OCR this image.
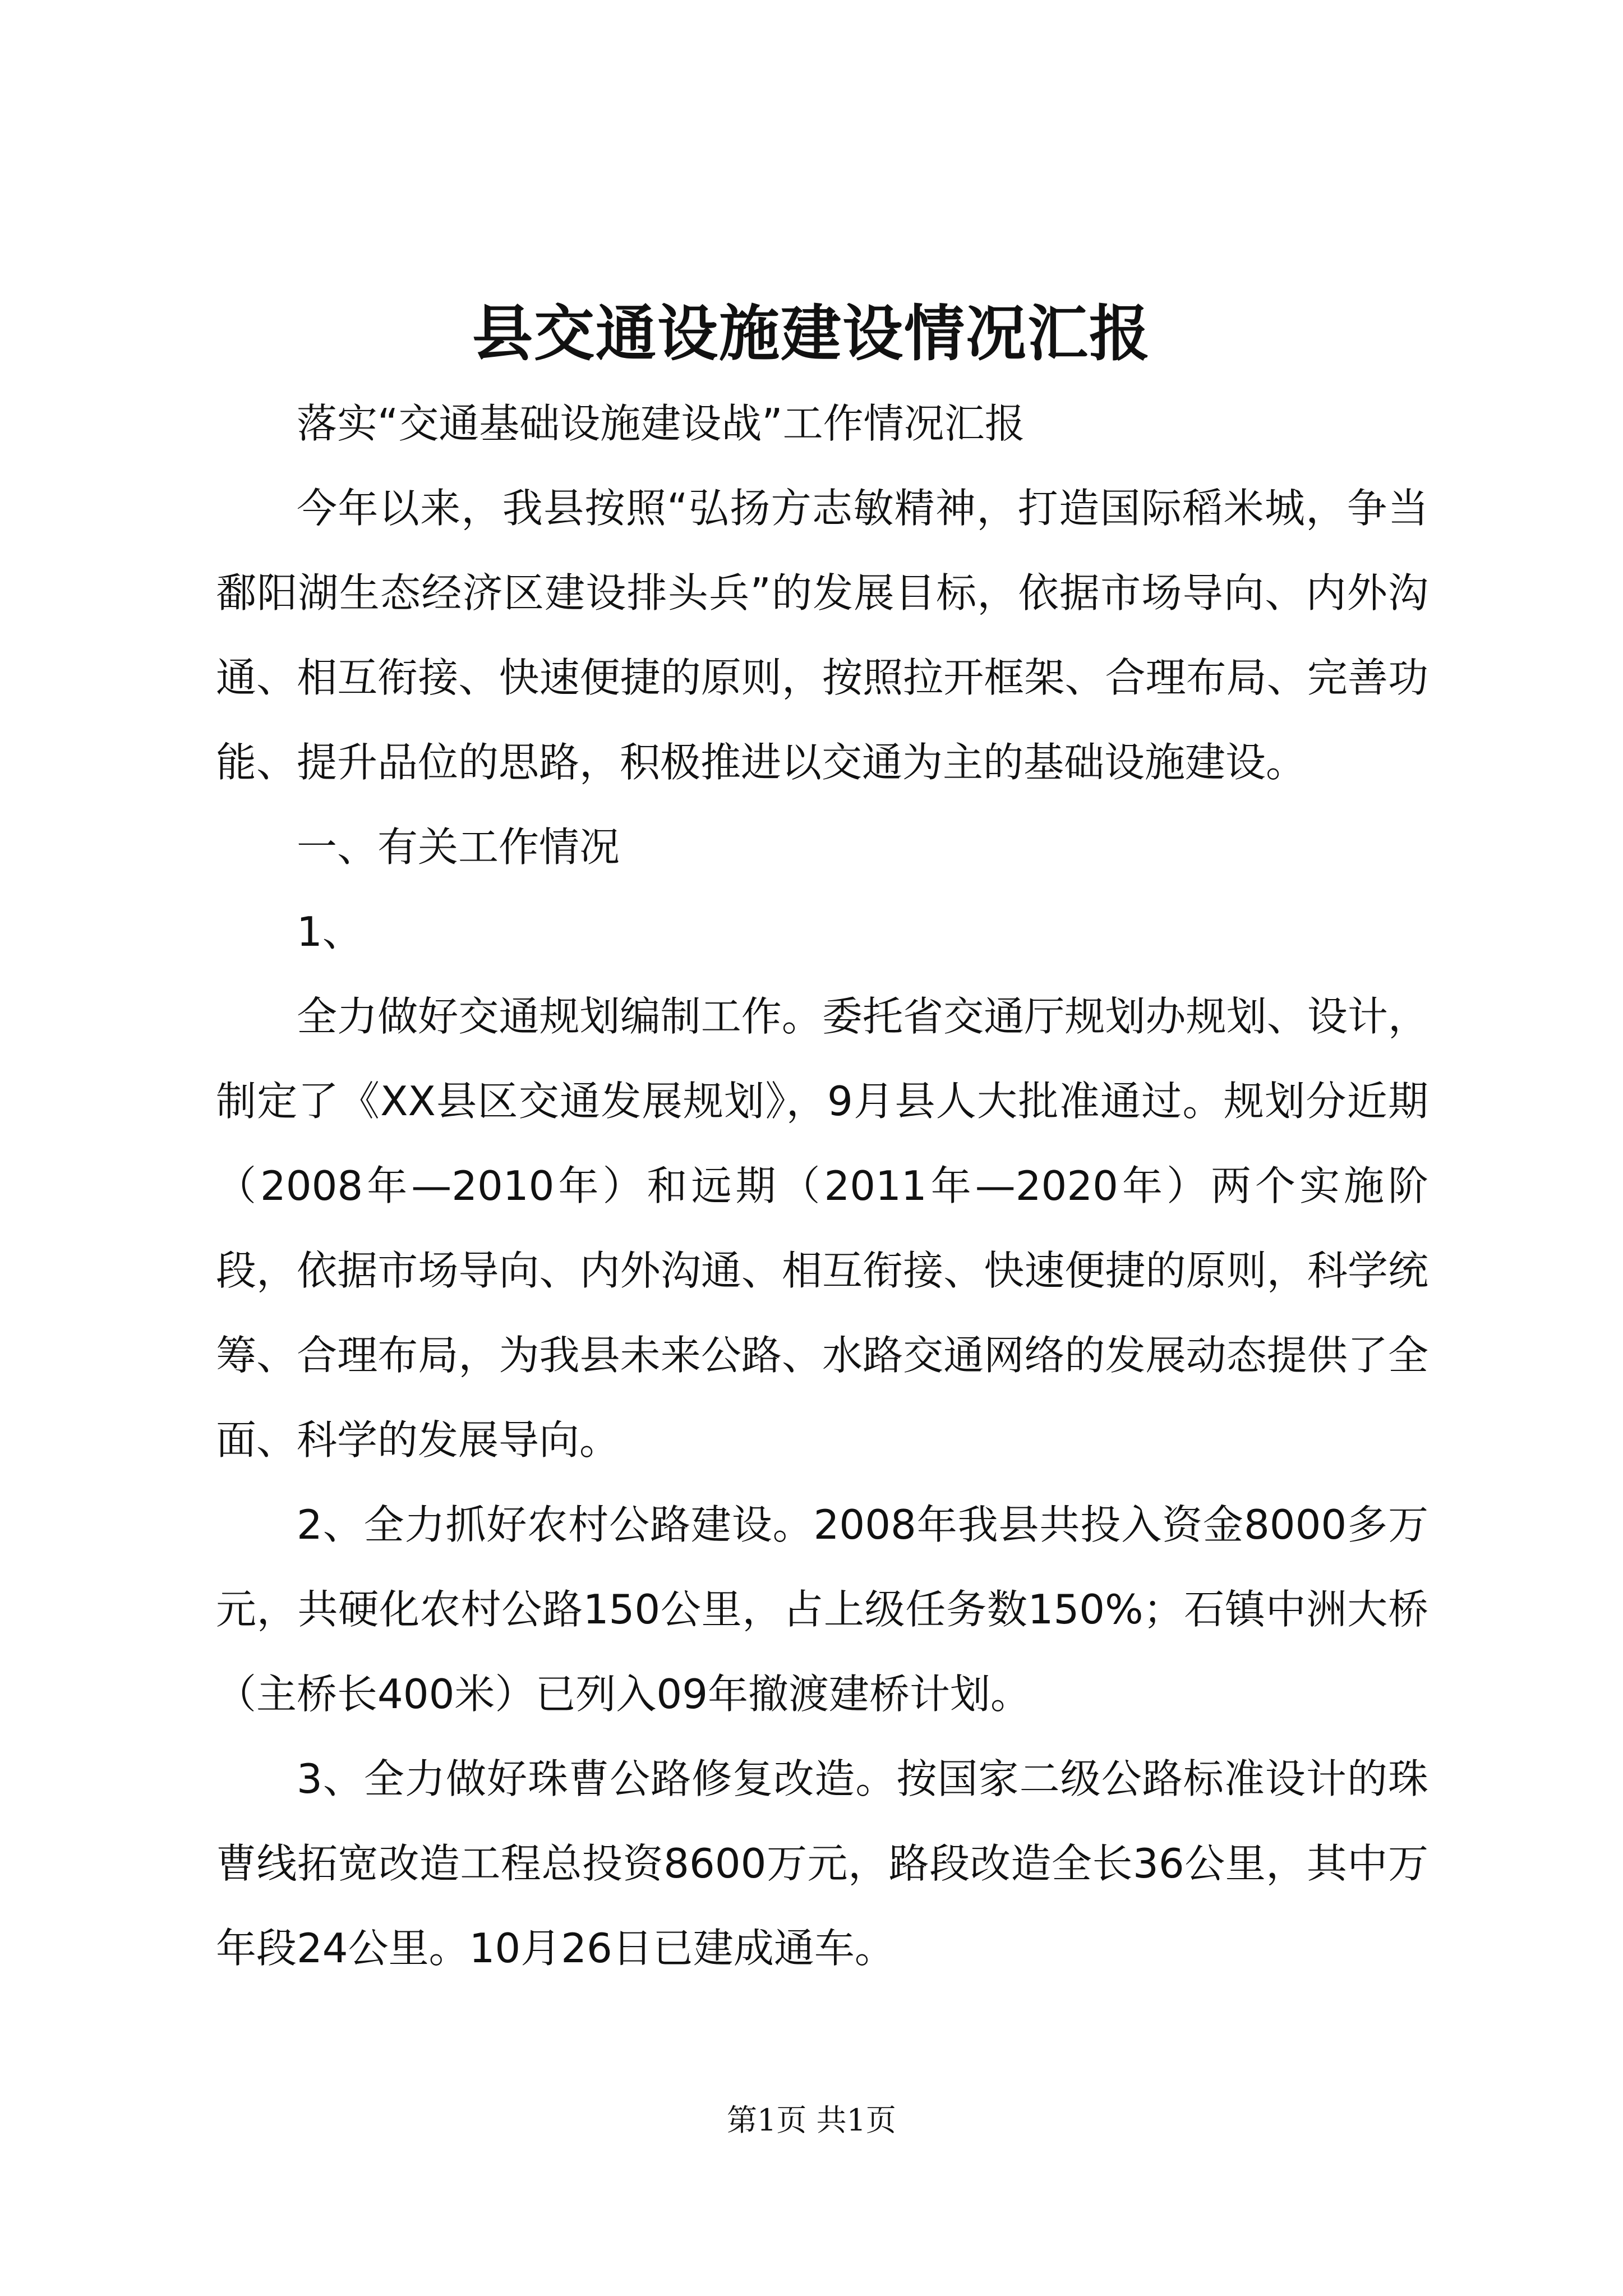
县交通设施建设情况汇报

落实“交通基础设施建设战”工作情况汇报

今年以来，我县按照“弘扬方志敏精神，打造国际稻米城，争当鄱阳湖生态经济区建设排头兵”的发展目标，依据市场导向、内外沟通、相互衔接、快速便捷的原则，按照拉开框架、合理布局、完善功能、提升品位的思路，积极推进以交通为主的基础设施建设。

一、有关工作情况

1、

全力做好交通规划编制工作。委托省交通厅规划办规划、设计，制定了《XX县区交通发展规划》，9月县人大批准通过。规划分近期（2008年—2010年）和远期（2011年—2020年）两个实施阶段，依据市场导向、内外沟通、相互衔接、快速便捷的原则，科学统筹、合理布局，为我县未来公路、水路交通网络的发展动态提供了全面、科学的发展导向。

2、全力抓好农村公路建设。2008年我县共投入资金8000多万元，共硬化农村公路150公里，占上级任务数150%；石镇中洲大桥（主桥长400米）已列入09年撤渡建桥计划。

3、全力做好珠曹公路修复改造。按国家二级公路标准设计的珠曹线拓宽改造工程总投资8600万元，路段改造全长36公里，其中万年段24公里。10月26日已建成通车。

第1页 共1页
